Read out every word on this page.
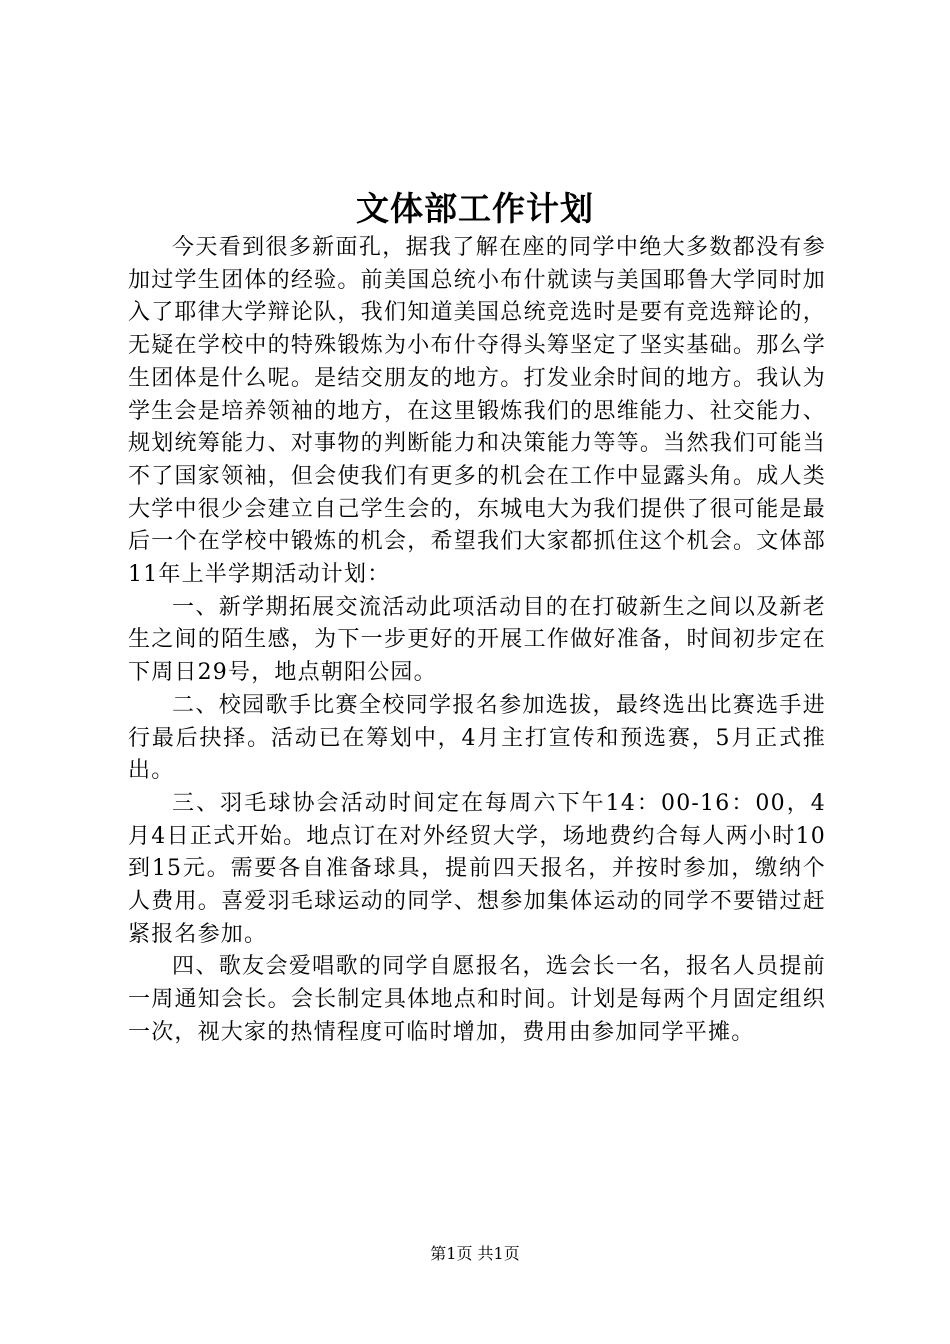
文体部工作计划

今天看到很多新面孔，据我了解在座的同学中绝大多数都没有参加过学生团体的经验。前美国总统小布什就读与美国耶鲁大学同时加入了耶律大学辩论队，我们知道美国总统竞选时是要有竞选辩论的，无疑在学校中的特殊锻炼为小布什夺得头筹坚定了坚实基础。那么学生团体是什么呢。是结交朋友的地方。打发业余时间的地方。我认为学生会是培养领袖的地方，在这里锻炼我们的思维能力、社交能力、规划统筹能力、对事物的判断能力和决策能力等等。当然我们可能当不了国家领袖，但会使我们有更多的机会在工作中显露头角。成人类大学中很少会建立自己学生会的，东城电大为我们提供了很可能是最后一个在学校中锻炼的机会，希望我们大家都抓住这个机会。文体部11年上半学期活动计划：

一、新学期拓展交流活动此项活动目的在打破新生之间以及新老生之间的陌生感，为下一步更好的开展工作做好准备，时间初步定在下周日29号，地点朝阳公园。

二、校园歌手比赛全校同学报名参加选拔，最终选出比赛选手进行最后抉择。活动已在筹划中，4月主打宣传和预选赛，5月正式推出。

三、羽毛球协会活动时间定在每周六下午14：00-16：00，4月4日正式开始。地点订在对外经贸大学，场地费约合每人两小时10到15元。需要各自准备球具，提前四天报名，并按时参加，缴纳个人费用。喜爱羽毛球运动的同学、想参加集体运动的同学不要错过赶紧报名参加。

四、歌友会爱唱歌的同学自愿报名，选会长一名，报名人员提前一周通知会长。会长制定具体地点和时间。计划是每两个月固定组织一次，视大家的热情程度可临时增加，费用由参加同学平摊。

第1页 共1页
